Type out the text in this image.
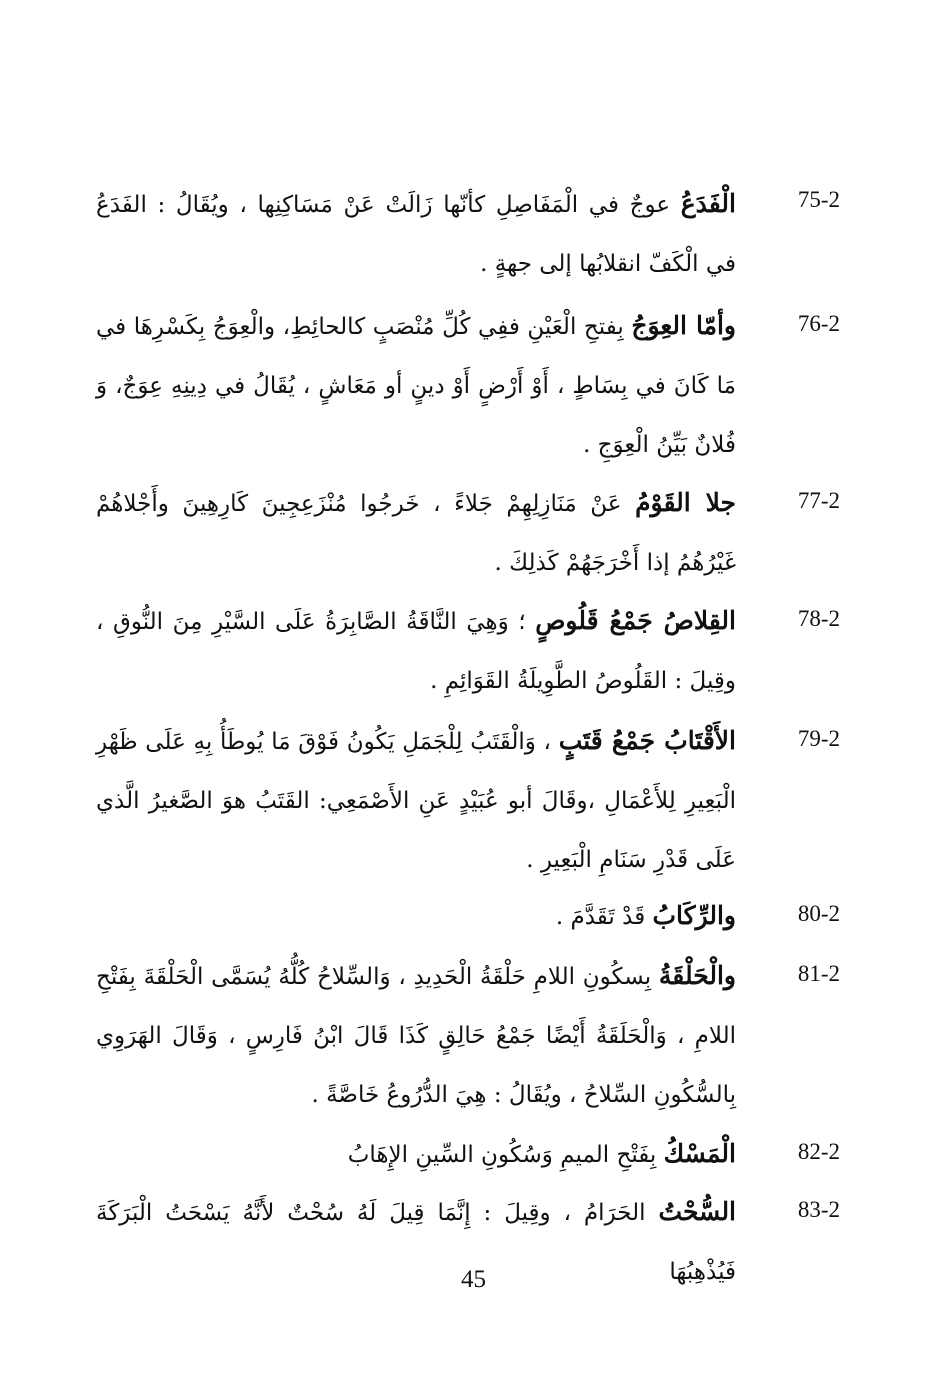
75-2
الْفَدَعُ عوجٌ في الْمَفَاصِلِ كأنّها زَالَتْ عَنْ مَسَاكِنِها ، ويُقَالُ : الفَدَعُ في الْكَفّ انقلابُها إلى جهةٍ .
76-2
وأمّا العِوَجُ بِفتحِ الْعَيْنِ ففِي كُلِّ مُنْصَبٍ كالحائِطِ، والْعِوَجُ بِكَسْرِهَا في مَا كَانَ في بِسَاطٍ ، أَوْ أَرْضٍ أَوْ دينٍ أو مَعَاشٍ ، يُقَالُ في دِينِهِ عِوَجٌ، وَ فُلانٌ بَيِّنُ الْعِوَجِ .
77-2
جلا القَوْمُ عَنْ مَنَازِلِهِمْ جَلاءً ، خَرجُوا مُنْزَعِجِينَ كَارِهِينَ وأَجْلاهُمْ غَيْرُهُمُ إذا أَخْرَجَهُمْ كَذلِكَ .
78-2
القِلاصُ جَمْعُ قَلُوصٍ ؛ وَهِيَ النَّاقَةُ الصَّابِرَةُ عَلَى السَّيْرِ مِنَ النُّوقِ ، وقِيلَ : القَلُوصُ الطَّوِيلَةُ القَوَائِمِ .
79-2
الأَقْتَابُ جَمْعُ قَتَبٍ ، وَالْقَتَبُ لِلْجَمَلِ يَكُونُ فَوْقَ مَا يُوطَأُ بِهِ عَلَى ظَهْرِ الْبَعِيرِ لِلأَعْمَالِ ،وقَالَ أبو عُبَيْدٍ عَنِ الأَصْمَعِي: القَتَبُ هوَ الصَّغيرُ الَّذي عَلَى قَدْرِ سَنَامِ الْبَعِيرِ .
80-2
والرِّكَابُ قَدْ تَقَدَّمَ .
81-2
والْحَلْقَةُ بِسكُونِ اللامِ حَلْقَةُ الْحَدِيدِ ، وَالسِّلاحُ كُلُّهُ يُسَمَّى الْحَلْقَةَ بِفَتْحِ اللامِ ، وَالْحَلَقَةُ أَيْضًا جَمْعُ حَالِقٍ كَذَا قَالَ ابْنُ فَارِسٍ ، وَقَالَ الهَرَوِي بِالسُّكُونِ السِّلاحُ ، ويُقَالُ : هِيَ الدُّرُوعُ خَاصَّةً .
82-2
الْمَسْكُ بِفَتْحِ الميمِ وَسُكُونِ السِّينِ الإِهَابُ
83-2
السُّحْتُ الحَرَامُ ، وقِيلَ : إِنَّمَا قِيلَ لَهُ سُحْتٌ لأَنَّهُ يَسْحَتُ الْبَرَكَةَ فَيُذْهِبُهَا
45
